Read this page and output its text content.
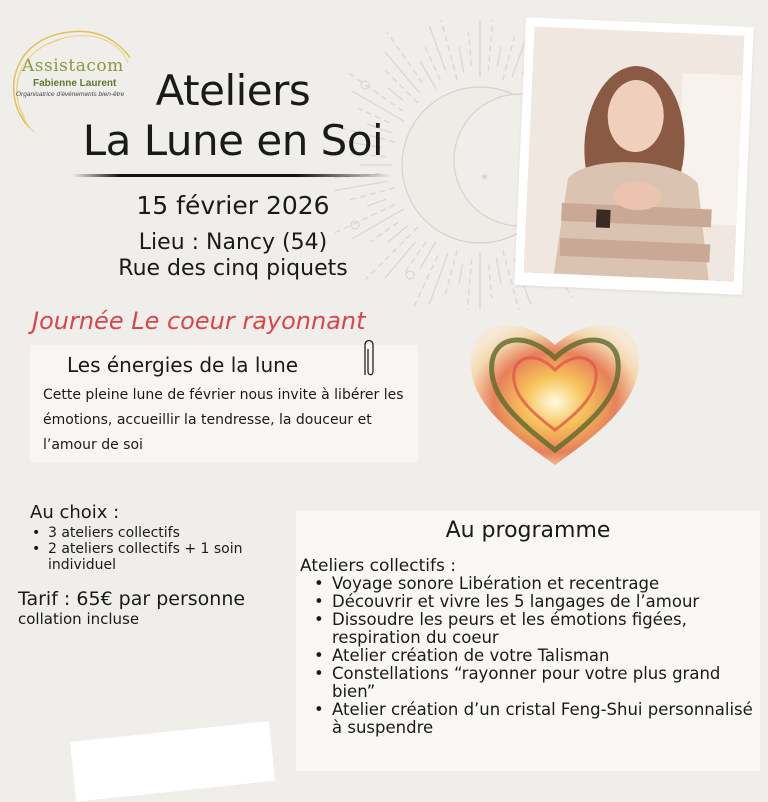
★
Assistacom
Fabienne Laurent
Organisatrice d'événements bien-être Ateliers
La Lune en Soi
15 février 2026
Lieu : Nancy (54)
Rue des cinq piquets
Journée Le coeur rayonnant
Les énergies de la lune
Cette pleine lune de février nous invite à libérer les émotions, accueillir la tendresse, la douceur et l’amour de soi
Au choix :
• 3 ateliers collectifs
• 2 ateliers collectifs + 1 soin individuel
Tarif : 65€ par personne
collation incluse
Au programme
Ateliers collectifs :
• Voyage sonore Libération et recentrage
• Découvrir et vivre les 5 langages de l’amour
• Dissoudre les peurs et les émotions figées, respiration du coeur
• Atelier création de votre Talisman
• Constellations “rayonner pour votre plus grand bien”
• Atelier création d’un cristal Feng-Shui personnalisé à suspendre
